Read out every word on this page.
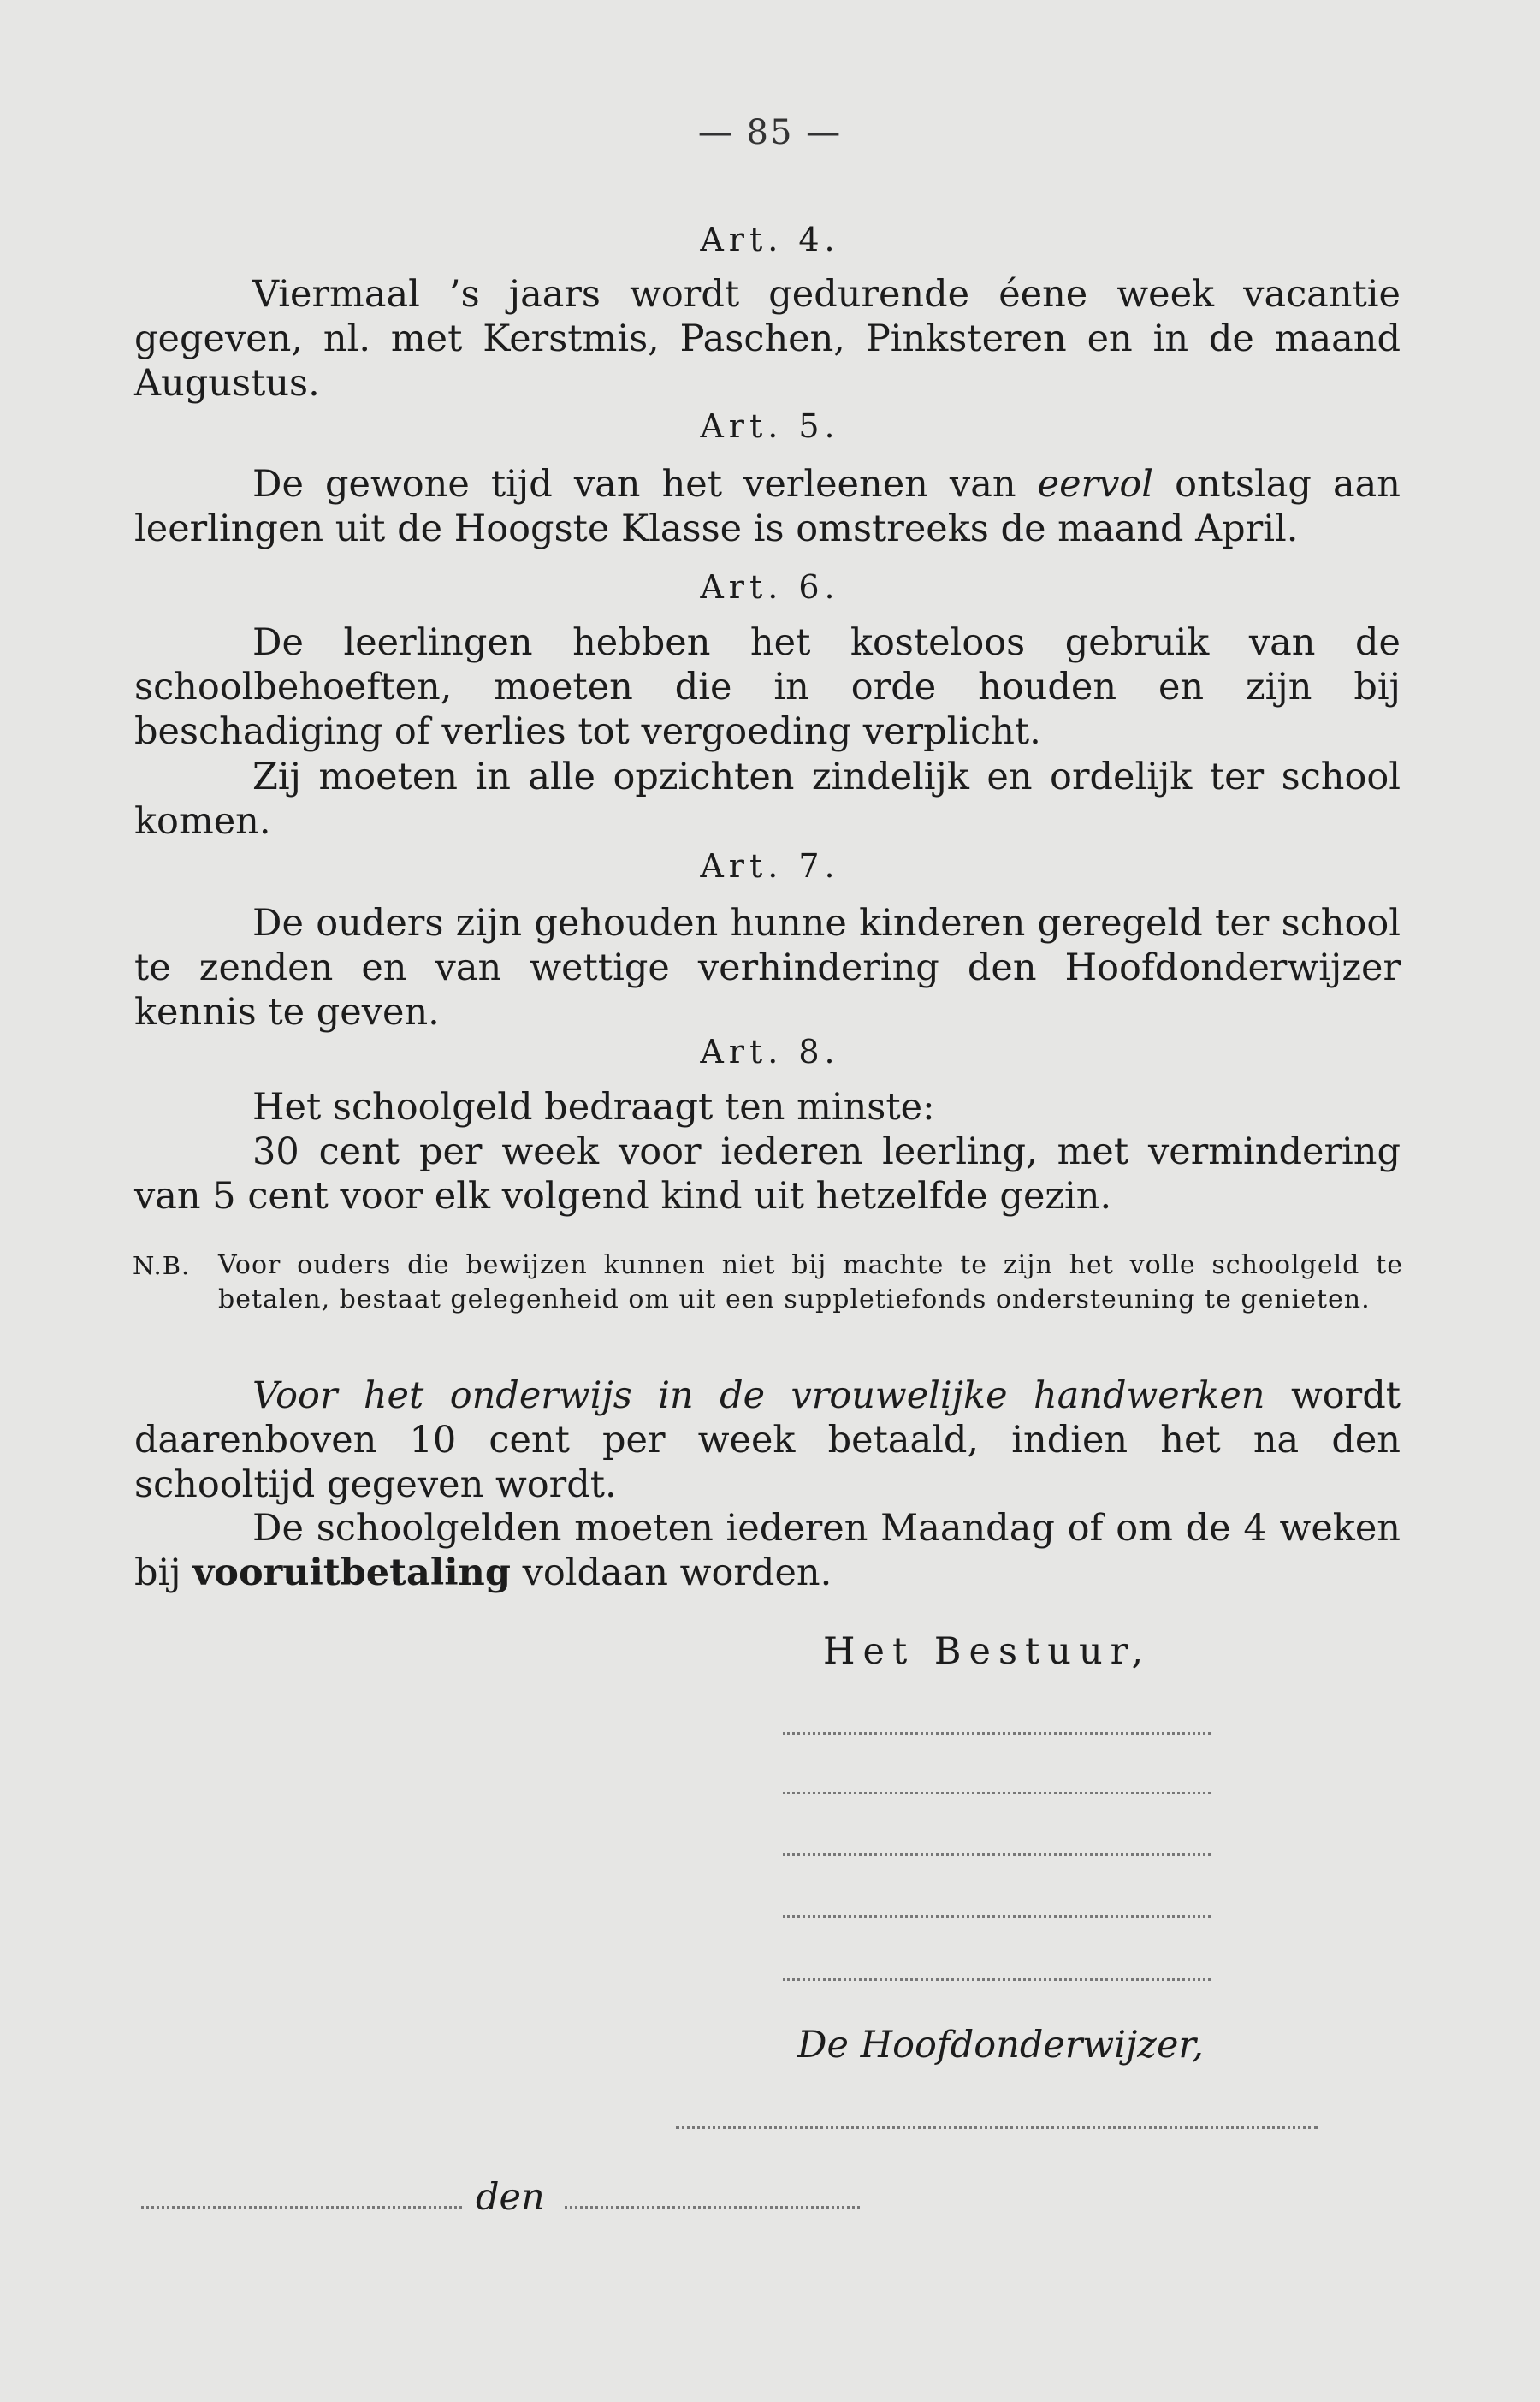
— 85 —
Art. 4.

Viermaal ’s jaars wordt gedurende éene week vacantie gegeven, nl. met Kerstmis, Paschen, Pinksteren en in de maand Augustus.

Art. 5.

De gewone tijd van het verleenen van eervol ontslag aan leerlingen uit de Hoogste Klasse is omstreeks de maand April.

Art. 6.

De leerlingen hebben het kosteloos gebruik van de schoolbehoeften, moeten die in orde houden en zijn bij beschadiging of verlies tot vergoeding verplicht.

Zij moeten in alle opzichten zindelijk en ordelijk ter school komen.

Art. 7.

De ouders zijn gehouden hunne kinderen geregeld ter school te zenden en van wettige verhindering den Hoofdonderwijzer kennis te geven.

Art. 8.

Het schoolgeld bedraagt ten minste:

30 cent per week voor iederen leerling, met vermindering van 5 cent voor elk volgend kind uit hetzelfde gezin.

N.B. Voor ouders die bewijzen kunnen niet bij machte te zijn het volle schoolgeld te betalen, bestaat gelegenheid om uit een suppletiefonds ondersteuning te genieten.

Voor het onderwijs in de vrouwelijke handwerken wordt daarenboven 10 cent per week betaald, indien het na den schooltijd gegeven wordt.

De schoolgelden moeten iederen Maandag of om de 4 weken bij vooruitbetaling voldaan worden.

Het Bestuur,
De Hoofdonderwijzer,
den
